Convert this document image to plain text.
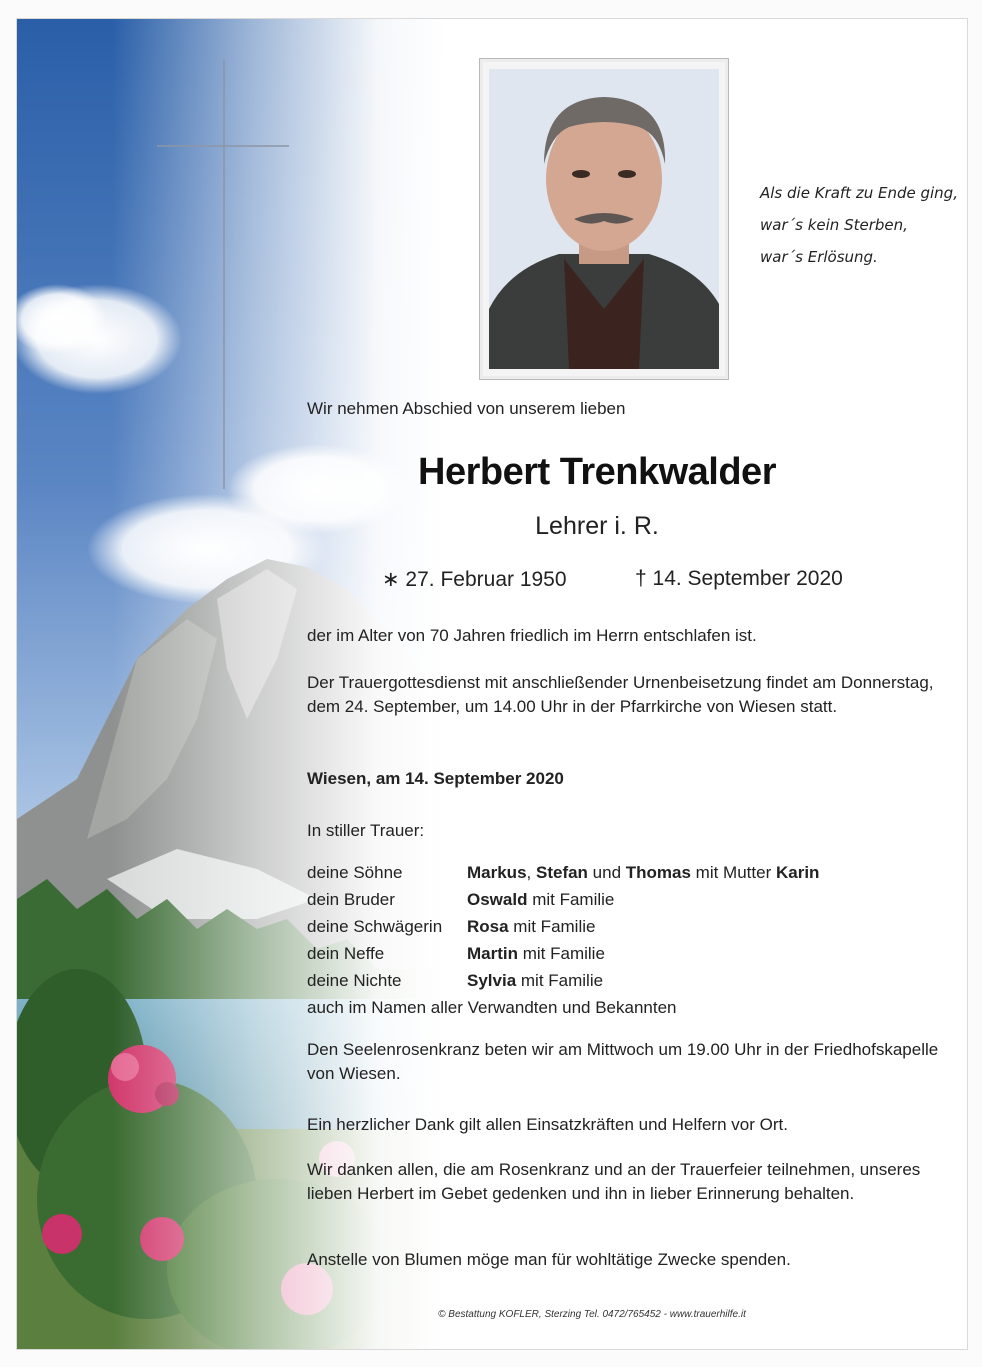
Als die Kraft zu Ende ging,
war´s kein Sterben,
war´s Erlösung.
Wir nehmen Abschied von unserem lieben
Herbert Trenkwalder
Lehrer i. R.
∗ 27. Februar 1950	† 14. September 2020
der im Alter von 70 Jahren friedlich im Herrn entschlafen ist.
Der Trauergottesdienst mit anschließender Urnenbeisetzung findet am Donnerstag, dem 24. September, um 14.00 Uhr in der Pfarrkirche von Wiesen statt.
Wiesen, am 14. September 2020
In stiller Trauer:
deine Söhne	Markus, Stefan und Thomas mit Mutter Karin
dein Bruder	Oswald mit Familie
deine Schwägerin	Rosa mit Familie
dein Neffe	Martin mit Familie
deine Nichte	Sylvia mit Familie
auch im Namen aller Verwandten und Bekannten
Den Seelenrosenkranz beten wir am Mittwoch um 19.00 Uhr in der Friedhofskapelle von Wiesen.
Ein herzlicher Dank gilt allen Einsatzkräften und Helfern vor Ort.
Wir danken allen, die am Rosenkranz und an der Trauerfeier teilnehmen, unseres lieben Herbert im Gebet gedenken und ihn in lieber Erinnerung behalten.
Anstelle von Blumen möge man für wohltätige Zwecke spenden.
© Bestattung KOFLER, Sterzing Tel. 0472/765452 - www.trauerhilfe.it
